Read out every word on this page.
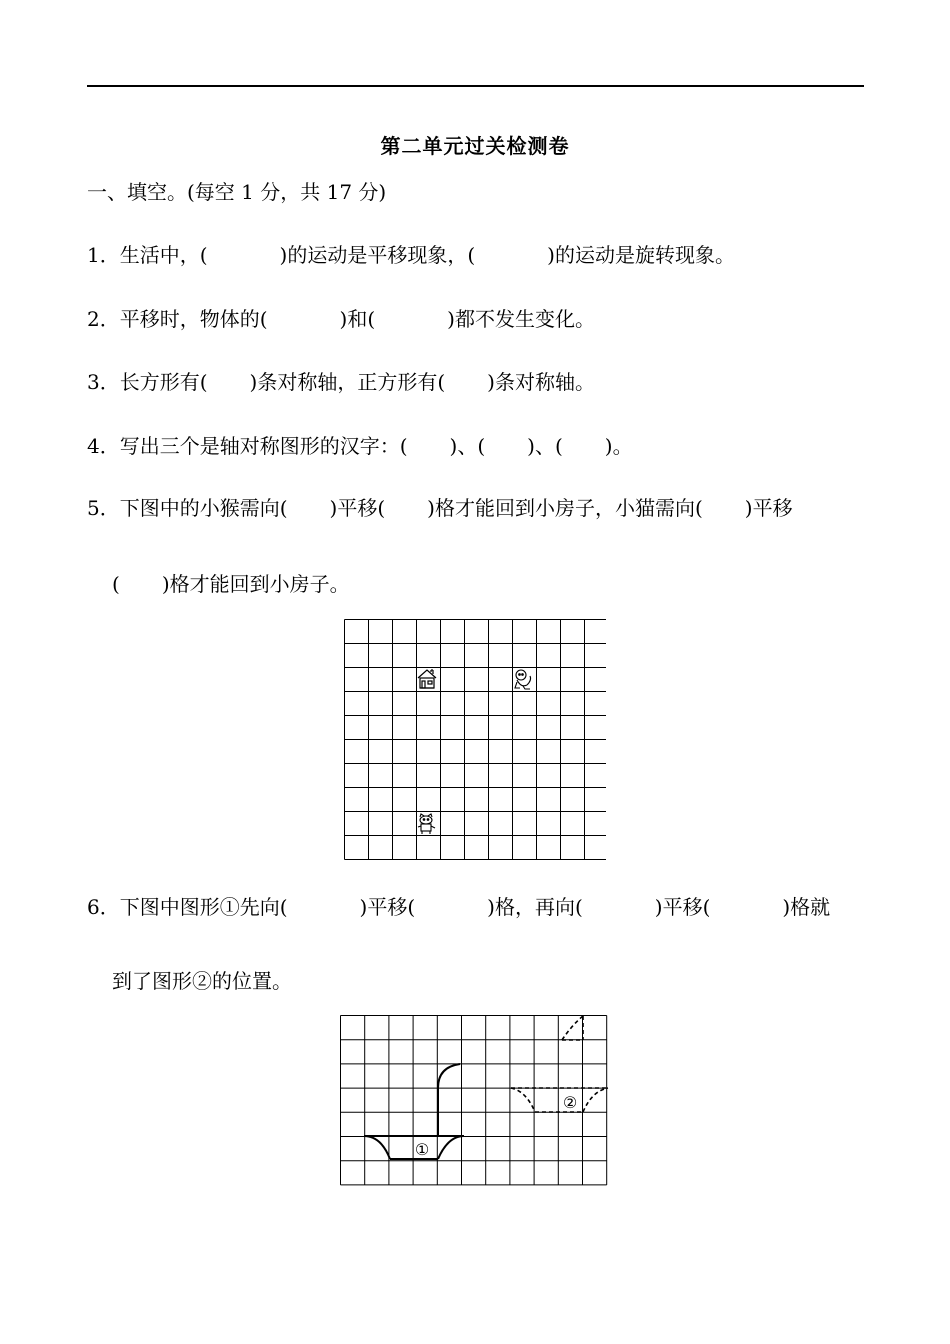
第二单元过关检测卷
一、填空。(每空 1 分，共 17 分)
1．生活中，(	)的运动是平移现象，(	)的运动是旋转现象。
2．平移时，物体的(	)和(	)都不发生变化。
3．长方形有( )条对称轴，正方形有( )条对称轴。
4．写出三个是轴对称图形的汉字：( )、( )、( )。
5．下图中的小猴需向( )平移( )格才能回到小房子，小猫需向( )平移
( )格才能回到小房子。
6．下图中图形①先向(	)平移(	)格，再向(	)平移(	)格就
到了图形②的位置。
①
②
